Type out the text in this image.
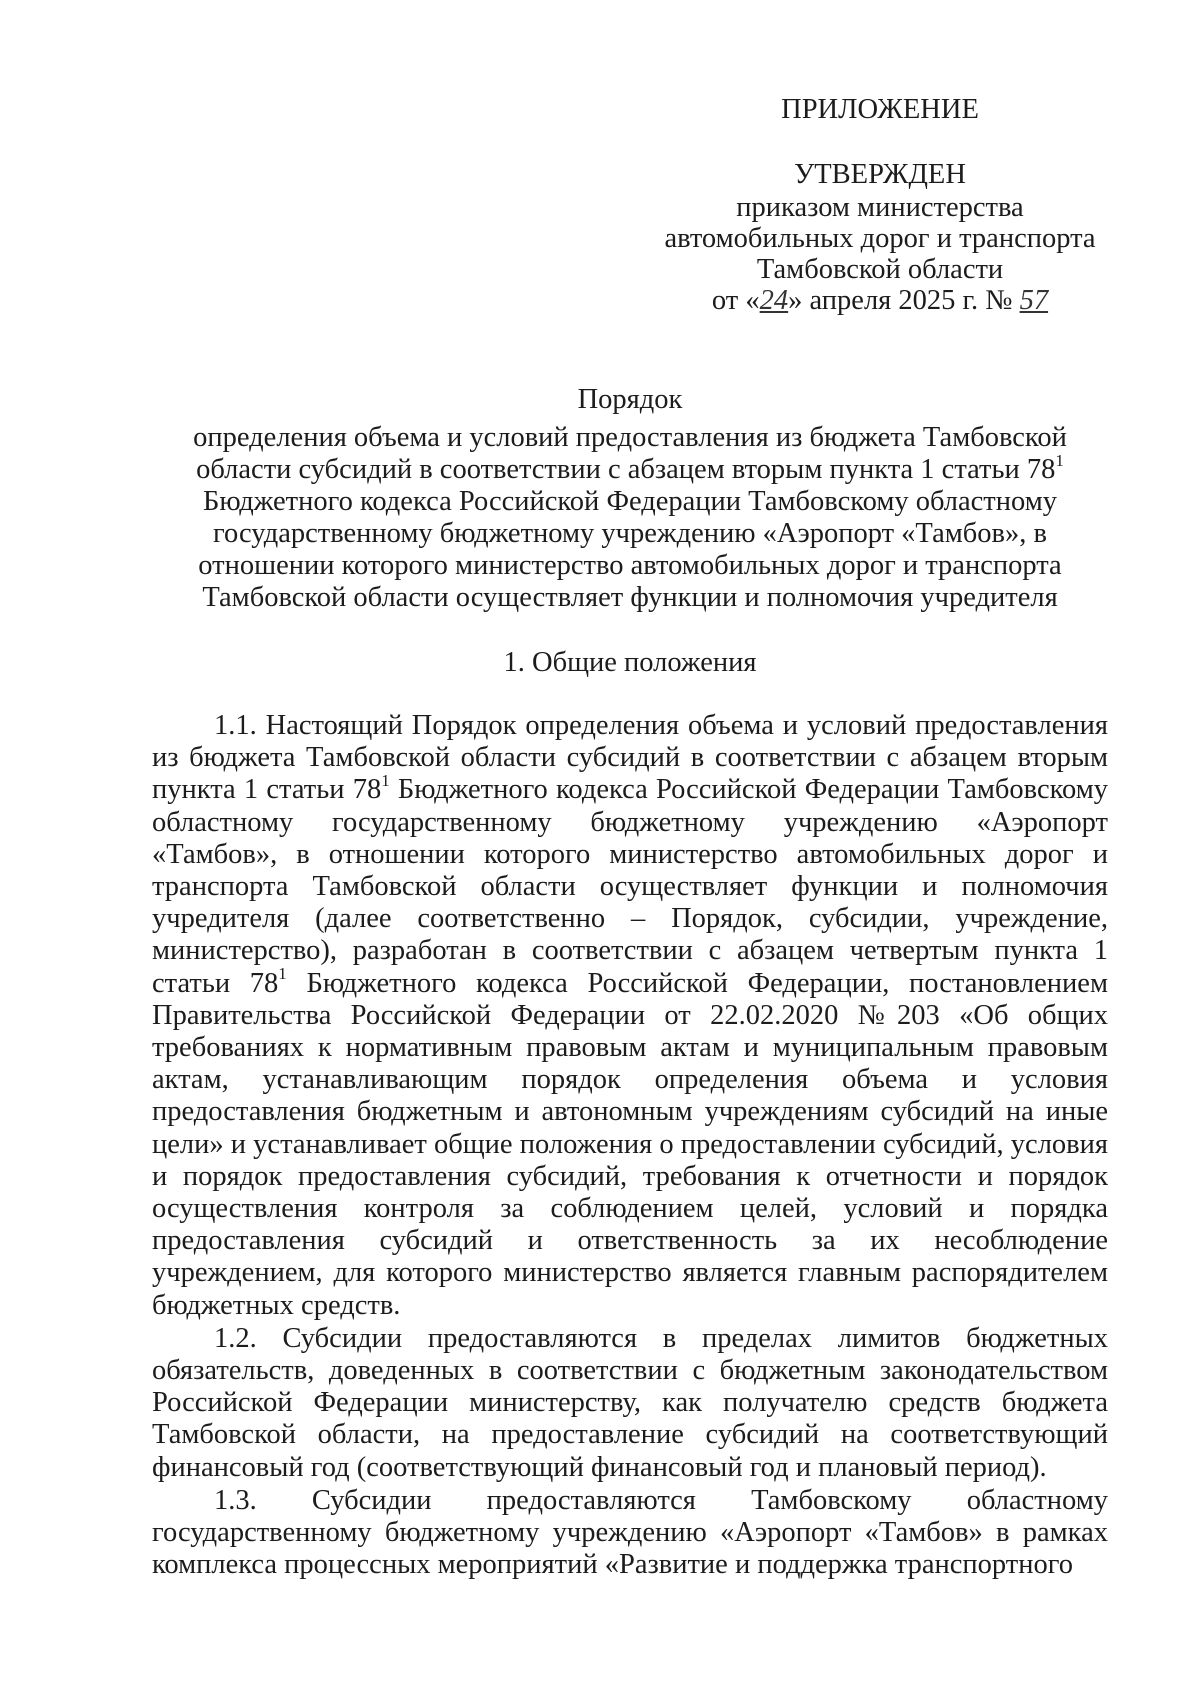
ПРИЛОЖЕНИЕ

УТВЕРЖДЕН

приказом министерства

автомобильных дорог и транспорта

Тамбовской области

от «24» апреля 2025 г. № 57

Порядок

определения объема и условий предоставления из бюджета Тамбовской

области субсидий в соответствии с абзацем вторым пункта 1 статьи $78^1$

Бюджетного кодекса Российской Федерации Тамбовскому областному

государственному бюджетному учреждению «Аэропорт «Тамбов», в

отношении которого министерство автомобильных дорог и транспорта

Тамбовской области осуществляет функции и полномочия учредителя

1. Общие положения

1.1. Настоящий Порядок определения объема и условий предоставления из бюджета Тамбовской области субсидий в соответствии с абзацем вторым пункта 1 статьи $78^1$ Бюджетного кодекса Российской Федерации Тамбовскому областному государственному бюджетному учреждению «Аэропорт «Тамбов», в отношении которого министерство автомобильных дорог и транспорта Тамбовской области осуществляет функции и полномочия учредителя (далее соответственно – Порядок, субсидии, учреждение, министерство), разработан в соответствии с абзацем четвертым пункта 1 статьи $78^1$ Бюджетного кодекса Российской Федерации, постановлением Правительства Российской Федерации от 22.02.2020 №203 «Об общих требованиях к нормативным правовым актам и муниципальным правовым актам, устанавливающим порядок определения объема и условия предоставления бюджетным и автономным учреждениям субсидий на иные цели» и устанавливает общие положения о предоставлении субсидий, условия и порядок предоставления субсидий, требования к отчетности и порядок осуществления контроля за соблюдением целей, условий и порядка предоставления субсидий и ответственность за их несоблюдение учреждением, для которого министерство является главным распорядителем бюджетных средств.

1.2. Субсидии предоставляются в пределах лимитов бюджетных обязательств, доведенных в соответствии с бюджетным законодательством Российской Федерации министерству, как получателю средств бюджета Тамбовской области, на предоставление субсидий на соответствующий финансовый год (соответствующий финансовый год и плановый период).

1.3. Субсидии предоставляются Тамбовскому областному государственному бюджетному учреждению «Аэропорт «Тамбов» в рамках комплекса процессных мероприятий «Развитие и поддержка транспортного
